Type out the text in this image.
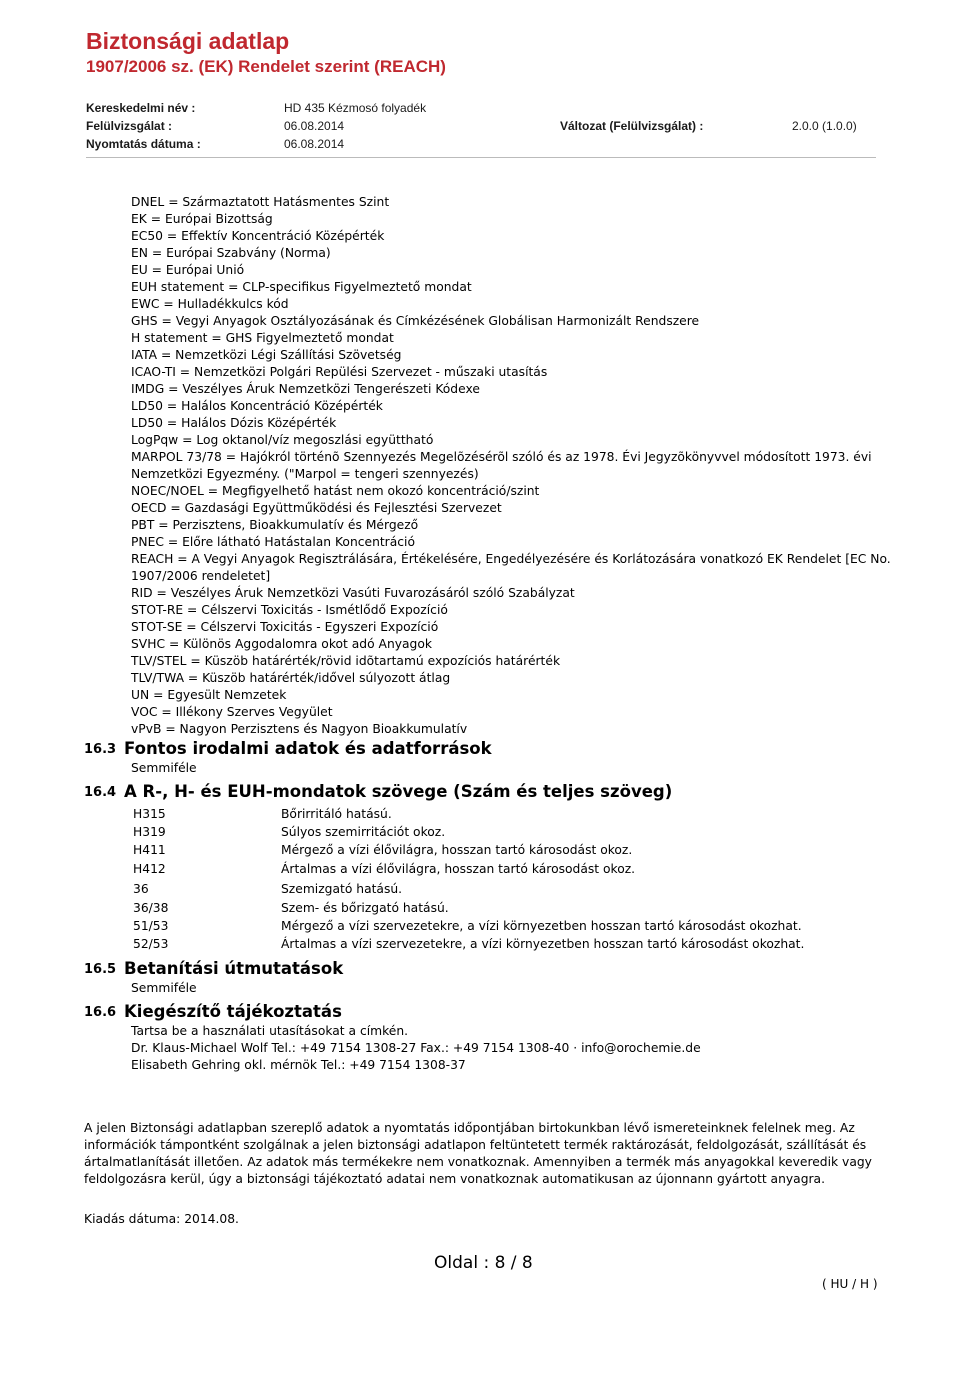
Biztonsági adatlap
1907/2006 sz. (EK) Rendelet szerint (REACH)
Kereskedelmi név :	HD 435 Kézmosó folyadék
Felülvizsgálat :	06.08.2014	Változat (Felülvizsgálat) :	2.0.0 (1.0.0)
Nyomtatás dátuma :	06.08.2014
DNEL = Származtatott Hatásmentes Szint
EK = Európai Bizottság
EC50 = Effektív Koncentráció Középérték
EN = Európai Szabvány (Norma)
EU = Európai Unió
EUH statement = CLP-specifikus Figyelmeztető mondat
EWC = Hulladékkulcs kód
GHS = Vegyi Anyagok Osztályozásának és Címkézésének Globálisan Harmonizált Rendszere
H statement = GHS Figyelmeztető mondat
IATA = Nemzetközi Légi Szállítási Szövetség
ICAO-TI = Nemzetközi Polgári Repülési Szervezet - műszaki utasítás
IMDG = Veszélyes Áruk Nemzetközi Tengerészeti Kódexe
LD50 = Halálos Koncentráció Középérték
LD50 = Halálos Dózis Középérték
LogPqw = Log oktanol/víz megoszlási együttható
MARPOL 73/78 = Hajókról történõ Szennyezés Megelõzésérõl szóló és az 1978. Évi Jegyzõkönyvvel módosított 1973. évi Nemzetközi Egyezmény. ("Marpol = tengeri szennyezés)
NOEC/NOEL = Megfigyelhető hatást nem okozó koncentráció/szint
OECD = Gazdasági Együttműködési és Fejlesztési Szervezet
PBT = Perzisztens, Bioakkumulatív és Mérgező
PNEC = Előre látható Hatástalan Koncentráció
REACH = A Vegyi Anyagok Regisztrálására, Értékelésére, Engedélyezésére és Korlátozására vonatkozó EK Rendelet [EC No. 1907/2006 rendeletet]
RID = Veszélyes Áruk Nemzetközi Vasúti Fuvarozásáról szóló Szabályzat
STOT-RE = Célszervi Toxicitás - Ismétlődő Expozíció
STOT-SE = Célszervi Toxicitás - Egyszeri Expozíció
SVHC = Különös Aggodalomra okot adó Anyagok
TLV/STEL = Küszöb határérték/rövid idõtartamú expozíciós határérték
TLV/TWA = Küszöb határérték/idővel súlyozott átlag
UN = Egyesült Nemzetek
VOC = Illékony Szerves Vegyület
vPvB = Nagyon Perzisztens és Nagyon Bioakkumulatív
16.3 Fontos irodalmi adatok és adatforrások
Semmiféle
16.4 A R-, H- és EUH-mondatok szövege (Szám és teljes szöveg)
H315	Bőrirritáló hatású.
H319	Súlyos szemirritációt okoz.
H411	Mérgező a vízi élővilágra, hosszan tartó károsodást okoz.
H412	Ártalmas a vízi élővilágra, hosszan tartó károsodást okoz.
36	Szemizgató hatású.
36/38	Szem- és bőrizgató hatású.
51/53	Mérgező a vízi szervezetekre, a vízi környezetben hosszan tartó károsodást okozhat.
52/53	Ártalmas a vízi szervezetekre, a vízi környezetben hosszan tartó károsodást okozhat.
16.5 Betanítási útmutatások
Semmiféle
16.6 Kiegészítő tájékoztatás
Tartsa be a használati utasításokat a címkén.
Dr. Klaus-Michael Wolf Tel.: +49 7154 1308-27 Fax.: +49 7154 1308-40 · info@orochemie.de
Elisabeth Gehring okl. mérnök Tel.: +49 7154 1308-37
A jelen Biztonsági adatlapban szereplő adatok a nyomtatás időpontjában birtokunkban lévő ismereteinknek felelnek meg. Az információk támpontként szolgálnak a jelen biztonsági adatlapon feltüntetett termék raktározását, feldolgozását, szállítását és ártalmatlanítását illetően. Az adatok más termékekre nem vonatkoznak. Amennyiben a termék más anyagokkal keveredik vagy feldolgozásra kerül, úgy a biztonsági tájékoztató adatai nem vonatkoznak automatikusan az újonnann gyártott anyagra.
Kiadás dátuma: 2014.08.
Oldal : 8 / 8
( HU / H )
